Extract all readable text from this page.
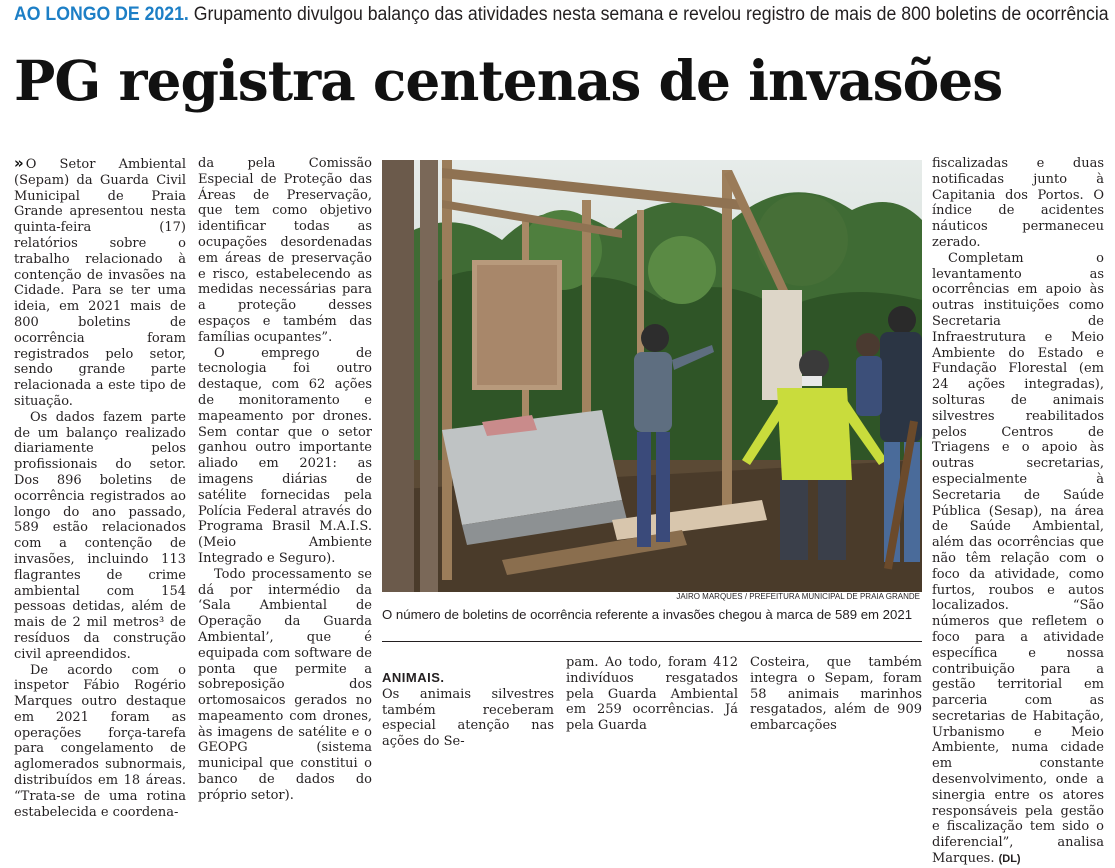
AO LONGO DE 2021. Grupamento divulgou balanço das atividades nesta semana e revelou registro de mais de 800 boletins de ocorrência
PG registra centenas de invasões

» O Setor Ambiental (Sepam) da Guarda Civil Municipal de Praia Grande apresentou nesta quinta-feira (17) relatórios sobre o trabalho relacionado à contenção de invasões na Cidade. Para se ter uma ideia, em 2021 mais de 800 boletins de ocorrência foram registrados pelo setor, sendo grande parte relacionada a este tipo de situação.

Os dados fazem parte de um balanço realizado diariamente pelos profissionais do setor. Dos 896 boletins de ocorrência registrados ao longo do ano passado, 589 estão relacionados com a contenção de invasões, incluindo 113 flagrantes de crime ambiental com 154 pessoas detidas, além de mais de 2 mil metros³ de resíduos da construção civil apreendidos.

De acordo com o inspetor Fábio Rogério Marques outro destaque em 2021 foram as operações força-tarefa para congelamento de aglomerados subnormais, distribuídos em 18 áreas. “Trata-se de uma rotina estabelecida e coordena-

da pela Comissão Especial de Proteção das Áreas de Preservação, que tem como objetivo identificar todas as ocupações desordenadas em áreas de preservação e risco, estabelecendo as medidas necessárias para a proteção desses espaços e também das famílias ocupantes”.

O emprego de tecnologia foi outro destaque, com 62 ações de monitoramento e mapeamento por drones. Sem contar que o setor ganhou outro importante aliado em 2021: as imagens diárias de satélite fornecidas pela Polícia Federal através do Programa Brasil M.A.I.S. (Meio Ambiente Integrado e Seguro).

Todo processamento se dá por intermédio da ‘Sala Ambiental de Operação da Guarda Ambiental’, que é equipada com software de ponta que permite a sobreposição dos ortomosaicos gerados no mapeamento com drones, às imagens de satélite e o GEOPG (sistema municipal que constitui o banco de dados do próprio setor).

JAIRO MARQUES / PREFEITURA MUNICIPAL DE PRAIA GRANDE
O número de boletins de ocorrência referente a invasões chegou à marca de 589 em 2021

ANIMAIS.

Os animais silvestres também receberam especial atenção nas ações do Se-

pam. Ao todo, foram 412 indivíduos resgatados pela Guarda Ambiental em 259 ocorrências. Já pela Guarda

Costeira, que também integra o Sepam, foram 58 animais marinhos resgatados, além de 909 embarcações

fiscalizadas e duas notificadas junto à Capitania dos Portos. O índice de acidentes náuticos permaneceu zerado.

Completam o levantamento as ocorrências em apoio às outras instituições como Secretaria de Infraestrutura e Meio Ambiente do Estado e Fundação Florestal (em 24 ações integradas), solturas de animais silvestres reabilitados pelos Centros de Triagens e o apoio às outras secretarias, especialmente à Secretaria de Saúde Pública (Sesap), na área de Saúde Ambiental, além das ocorrências que não têm relação com o foco da atividade, como furtos, roubos e autos localizados. “São números que refletem o foco para a atividade específica e nossa contribuição para a gestão territorial em parceria com as secretarias de Habitação, Urbanismo e Meio Ambiente, numa cidade em constante desenvolvimento, onde a sinergia entre os atores responsáveis pela gestão e fiscalização tem sido o diferencial”, analisa Marques. (DL)
